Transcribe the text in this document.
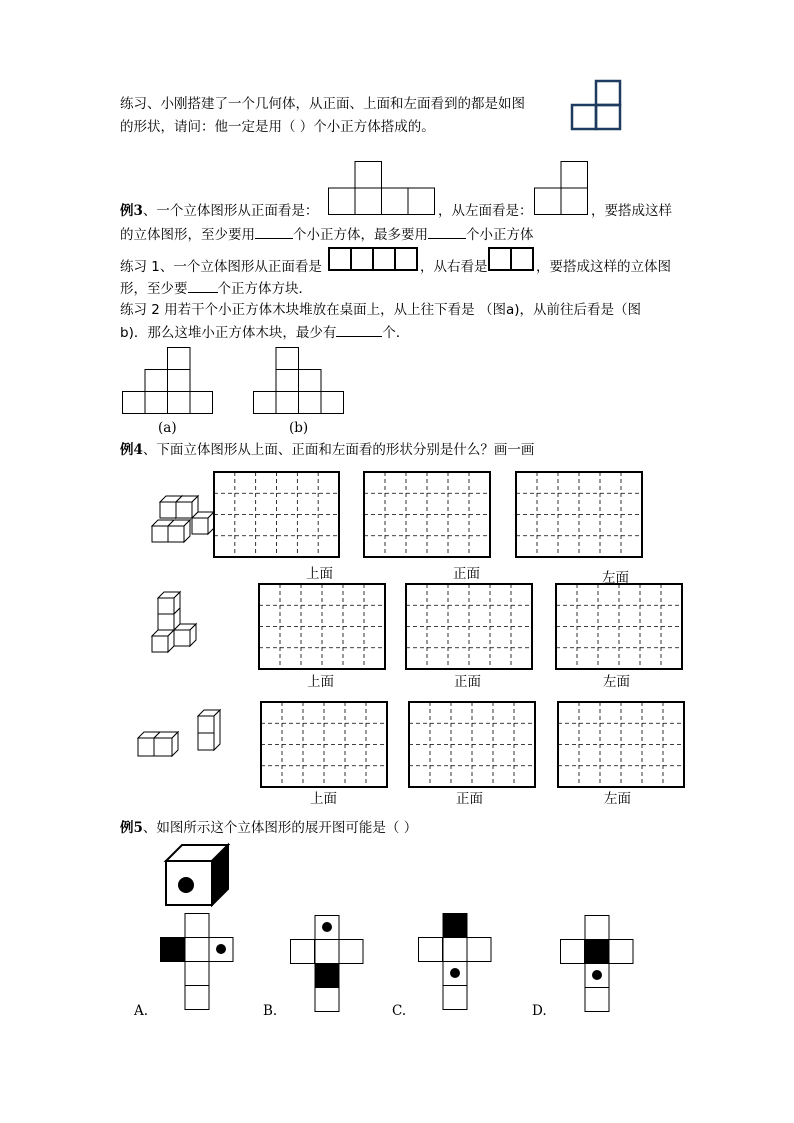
练习、小刚搭建了一个几何体，从正面、上面和左面看到的都是如图
的形状，请问：他一定是用（ ）个小正方体搭成的。
例3、一个立体图形从正面看是：	，从左面看是：	，要搭成这样
的立体图形，至少要用	个小正方体，最多要用	个小正方体
练习 1、一个立体图形从正面看是	，从右看是	，要搭成这样的立体图
形，至少要 个正方体方块．
练习 2 用若干个小正方体木块堆放在桌面上，从上往下看是 （图a)，从前往后看是（图
b)．那么这堆小正方体木块，最少有	个．
(a)	(b)
例4、下面立体图形从上面、正面和左面看的形状分别是什么？画一画
上面	正面	左面
上面	正面	左面
上面	正面	左面
例5、如图所示这个立体图形的展开图可能是（ ）
A.	B.	C.	D.
